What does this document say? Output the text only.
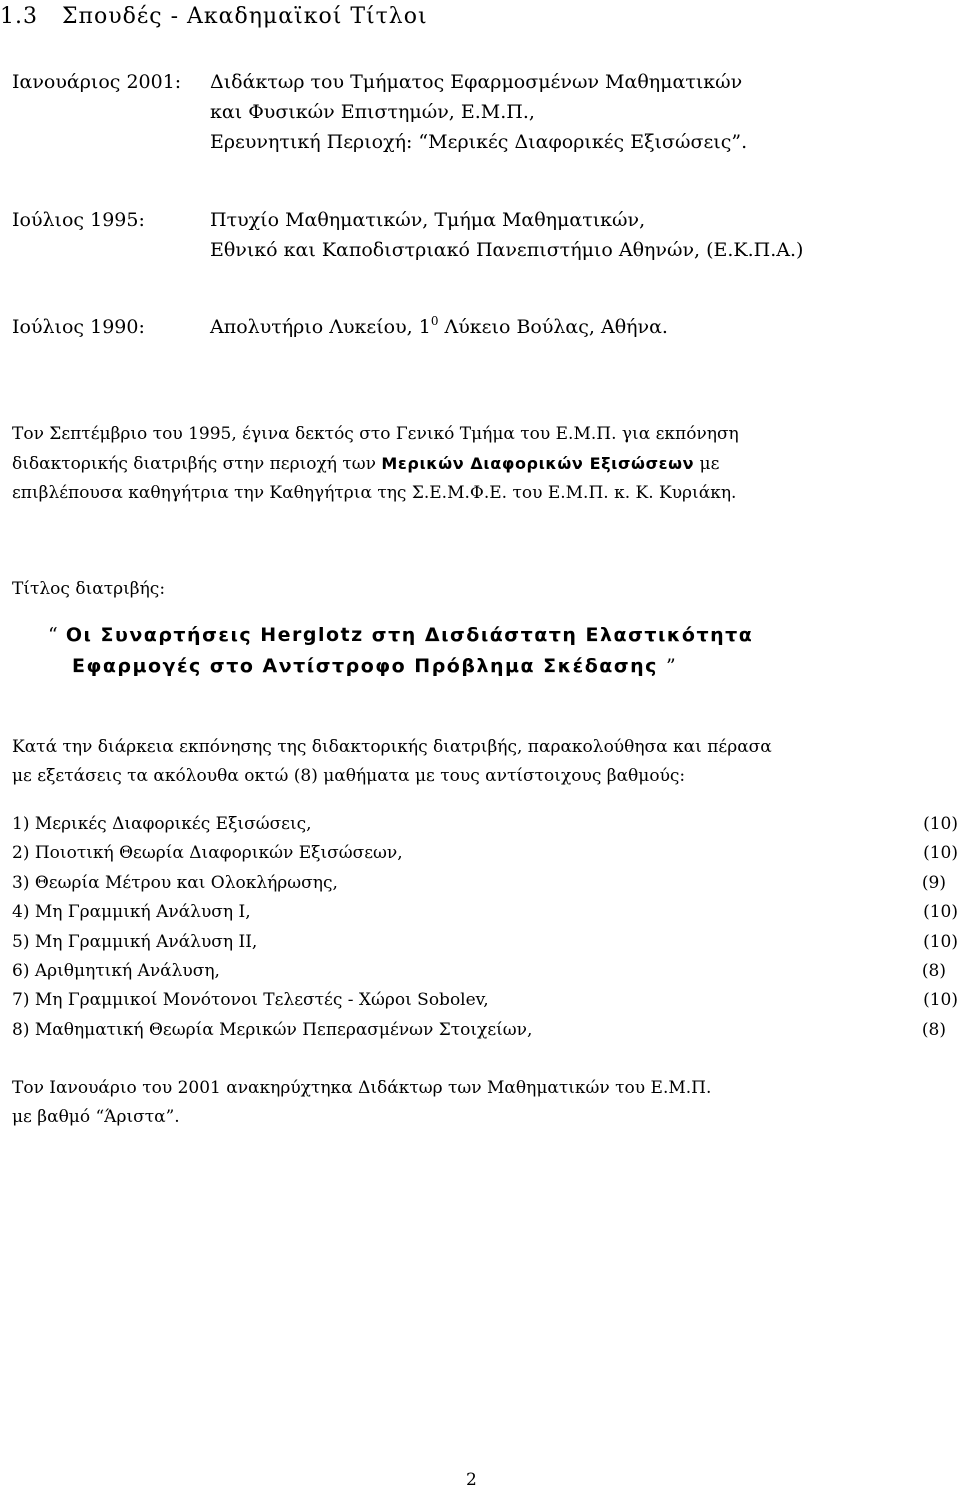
1.3 Σπουδές - Ακαδημαϊκοί Τίτλοι
Ιανουάριος 2001: Διδάκτωρ του Τμήματος Εφαρμοσμένων Μαθηματικών
και Φυσικών Επιστημών, Ε.Μ.Π.,
Ερευνητική Περιοχή: “Μερικές Διαφορικές Εξισώσεις”.
Ιούλιος 1995:	Πτυχίο Μαθηματικών, Τμήμα Μαθηματικών,
Εθνικό και Καποδιστριακό Πανεπιστήμιο Αθηνών, (Ε.Κ.Π.Α.)
Ιούλιος 1990:	Απολυτήριο Λυκείου, $1^0$ Λύκειο Βούλας, Αθήνα.
Τον Σεπτέμβριο του 1995, έγινα δεκτός στο Γενικό Τμήμα του Ε.Μ.Π. για εκπόνηση
διδακτορικής διατριβής στην περιοχή των Μερικών Διαφορικών Εξισώσεων με
επιβλέπουσα καθηγήτρια την Καθηγήτρια της Σ.Ε.Μ.Φ.Ε. του Ε.Μ.Π. κ. Κ. Κυριάκη.
Τίτλος διατριβής:
“ Οι Συναρτήσεις Herglotz στη Δισδιάστατη Ελαστικότητα
Εφαρμογές στο Αντίστροφο Πρόβλημα Σκέδασης ”
Κατά την διάρκεια εκπόνησης της διδακτορικής διατριβής, παρακολούθησα και πέρασα
με εξετάσεις τα ακόλουθα οκτώ (8) μαθήματα με τους αντίστοιχους βαθμούς:
1) Μερικές Διαφορικές Εξισώσεις,	(10)
2) Ποιοτική Θεωρία Διαφορικών Εξισώσεων,	(10)
3) Θεωρία Μέτρου και Ολοκλήρωσης,	(9)
4) Μη Γραμμική Ανάλυση Ι,	(10)
5) Μη Γραμμική Ανάλυση ΙΙ,	(10)
6) Αριθμητική Ανάλυση,	(8)
7) Μη Γραμμικοί Μονότονοι Τελεστές - Χώροι Sobolev,	(10)
8) Μαθηματική Θεωρία Μερικών Πεπερασμένων Στοιχείων,	(8)
Τον Ιανουάριο του 2001 ανακηρύχτηκα Διδάκτωρ των Μαθηματικών του Ε.Μ.Π.
με βαθμό “Άριστα”.
2
